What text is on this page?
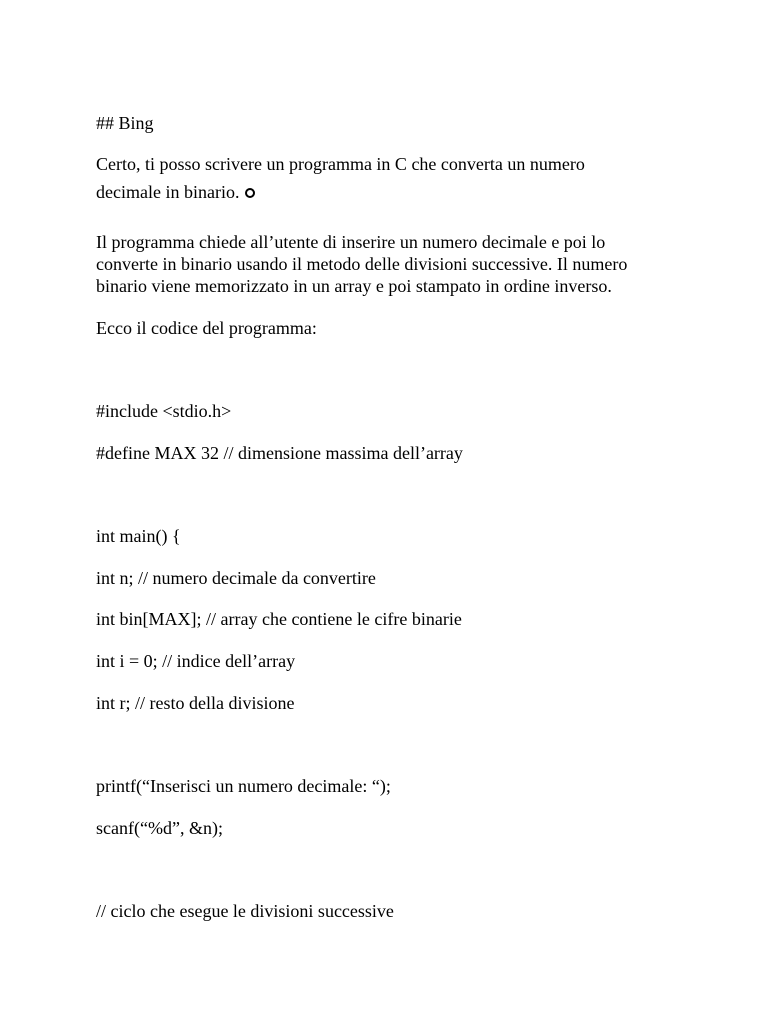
## Bing
Certo, ti posso scrivere un programma in C che converta un numero
decimale in binario.
Il programma chiede all’utente di inserire un numero decimale e poi lo
converte in binario usando il metodo delle divisioni successive. Il numero
binario viene memorizzato in un array e poi stampato in ordine inverso.
Ecco il codice del programma:
#include <stdio.h>
#define MAX 32 // dimensione massima dell’array
int main() {
int n; // numero decimale da convertire
int bin[MAX]; // array che contiene le cifre binarie
int i = 0; // indice dell’array
int r; // resto della divisione
printf(“Inserisci un numero decimale: “);
scanf(“%d”, &n);
// ciclo che esegue le divisioni successive
